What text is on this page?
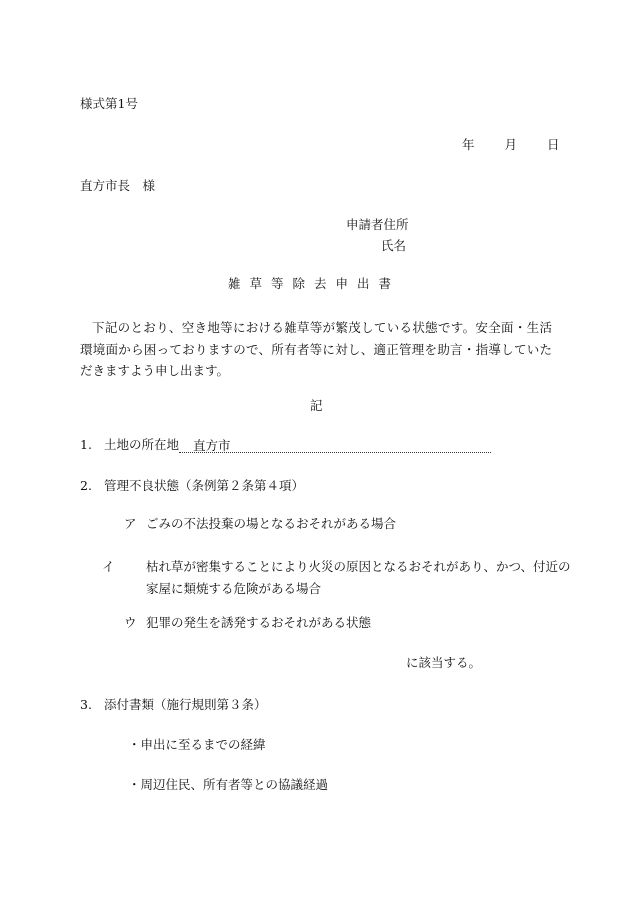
様式第1号
年 月 日
直方市長　様
申請者住所
氏名
雑草等除去申出書
下記のとおり、空き地等における雑草等が繁茂している状態です。安全面・生活環境面から困っておりますので、所有者等に対し、適正管理を助言・指導していただきますよう申し出ます。
記
1. 土地の所在地 直方市
2. 管理不良状態（条例第２条第４項）
ア ごみの不法投棄の場となるおそれがある場合
イ	枯れ草が密集することにより火災の原因となるおそれがあり、かつ、付近の家屋に類焼する危険がある場合
ウ 犯罪の発生を誘発するおそれがある状態
に該当する。
3. 添付書類（施行規則第３条）
・申出に至るまでの経緯
・周辺住民、所有者等との協議経過
